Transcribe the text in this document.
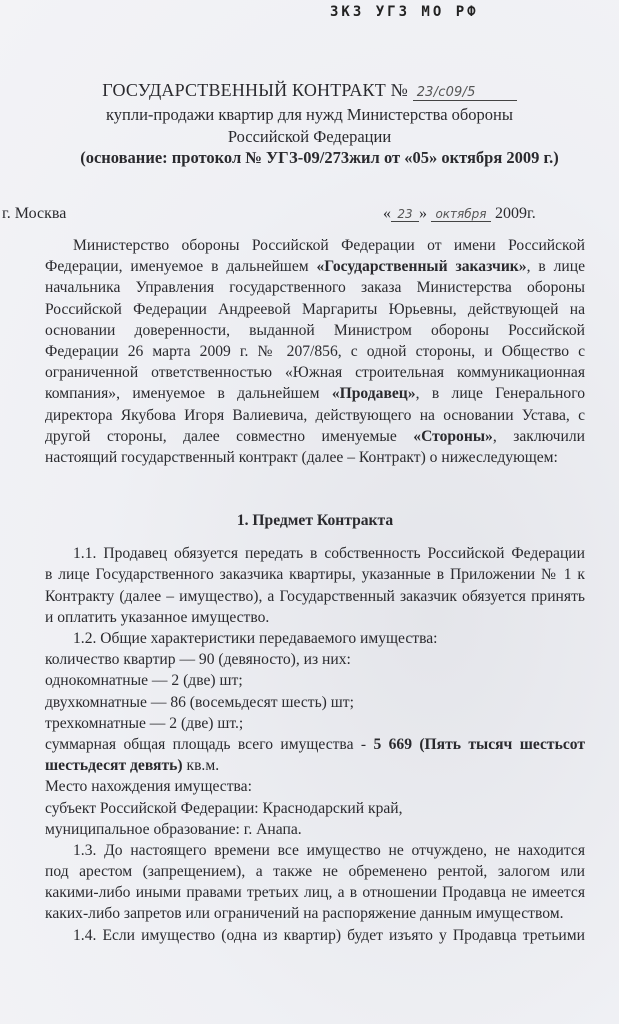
ЗКЗ УГЗ МО РФ
ГОСУДАРСТВЕННЫЙ КОНТРАКТ № 23/с09/5
купли-продажи квартир для нужд Министерства обороны
Российской Федерации
(основание: протокол № УГЗ-09/273жил от «05» октября 2009 г.)
г. Москва	« 23 » октября 2009г.
Министерство обороны Российской Федерации от имени Российской
Федерации, именуемое в дальнейшем «Государственный заказчик», в лице
начальника Управления государственного заказа Министерства обороны
Российской Федерации Андреевой Маргариты Юрьевны, действующей на
основании доверенности, выданной Министром обороны Российской
Федерации 26 марта 2009 г. № 207/856, с одной стороны, и Общество с
ограниченной ответственностью «Южная строительная коммуникационная
компания», именуемое в дальнейшем «Продавец», в лице Генерального
директора Якубова Игоря Валиевича, действующего на основании Устава, с
другой стороны, далее совместно именуемые «Стороны», заключили
настоящий государственный контракт (далее – Контракт) о нижеследующем:
1. Предмет Контракта
1.1. Продавец обязуется передать в собственность Российской Федерации
в лице Государственного заказчика квартиры, указанные в Приложении № 1 к
Контракту (далее – имущество), а Государственный заказчик обязуется принять
и оплатить указанное имущество.
1.2. Общие характеристики передаваемого имущества:
количество квартир — 90 (девяносто), из них:
однокомнатные — 2 (две) шт;
двухкомнатные — 86 (восемьдесят шесть) шт;
трехкомнатные — 2 (две) шт.;
суммарная общая площадь всего имущества - 5 669 (Пять тысяч шестьсот
шестьдесят девять) кв.м.
Место нахождения имущества:
субъект Российской Федерации: Краснодарский край,
муниципальное образование: г. Анапа.
1.3. До настоящего времени все имущество не отчуждено, не находится
под арестом (запрещением), а также не обременено рентой, залогом или
какими-либо иными правами третьих лиц, а в отношении Продавца не имеется
каких-либо запретов или ограничений на распоряжение данным имуществом.
1.4. Если имущество (одна из квартир) будет изъято у Продавца третьими
